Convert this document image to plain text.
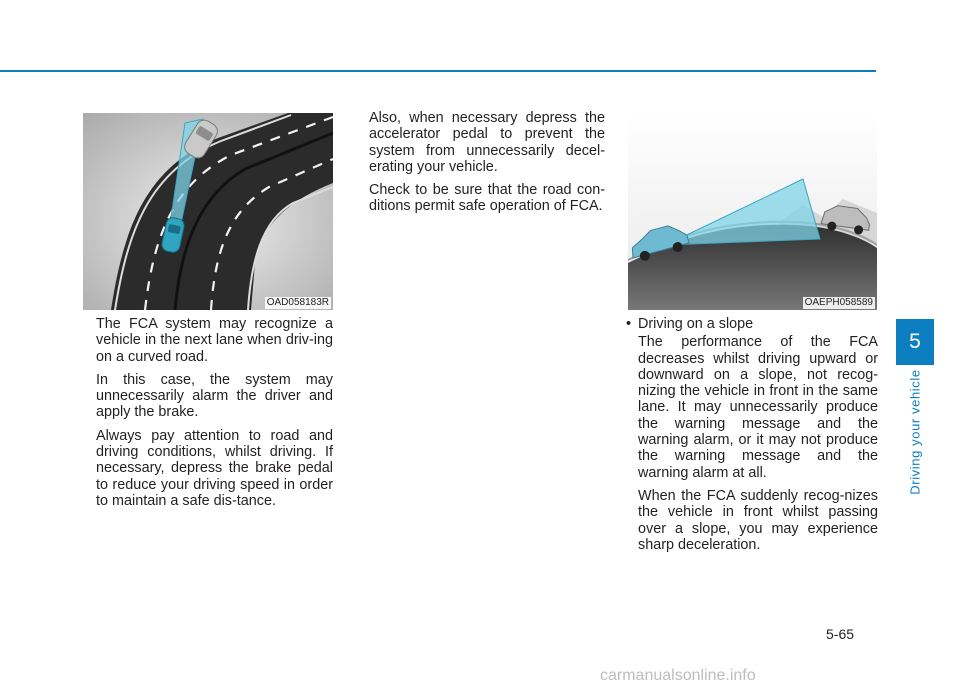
OAD058183R	OAEPH058589

The FCA system may recognize a vehicle in the next lane when driv-ing on a curved road.

In this case, the system may unnecessarily alarm the driver and apply the brake.

Always pay attention to road and driving conditions, whilst driving. If necessary, depress the brake pedal to reduce your driving speed in order to maintain a safe dis-tance.

Also, when necessary depress the accelerator pedal to prevent the system from unnecessarily decel-erating your vehicle.

Check to be sure that the road con-ditions permit safe operation of FCA.

• Driving on a slope

The performance of the FCA decreases whilst driving upward or downward on a slope, not recog-nizing the vehicle in front in the same lane. It may unnecessarily produce the warning message and the warning alarm, or it may not produce the warning message and the warning alarm at all.

When the FCA suddenly recog-nizes the vehicle in front whilst passing over a slope, you may experience sharp deceleration.

5
Driving your vehicle
5-65
carmanualsonline.info
